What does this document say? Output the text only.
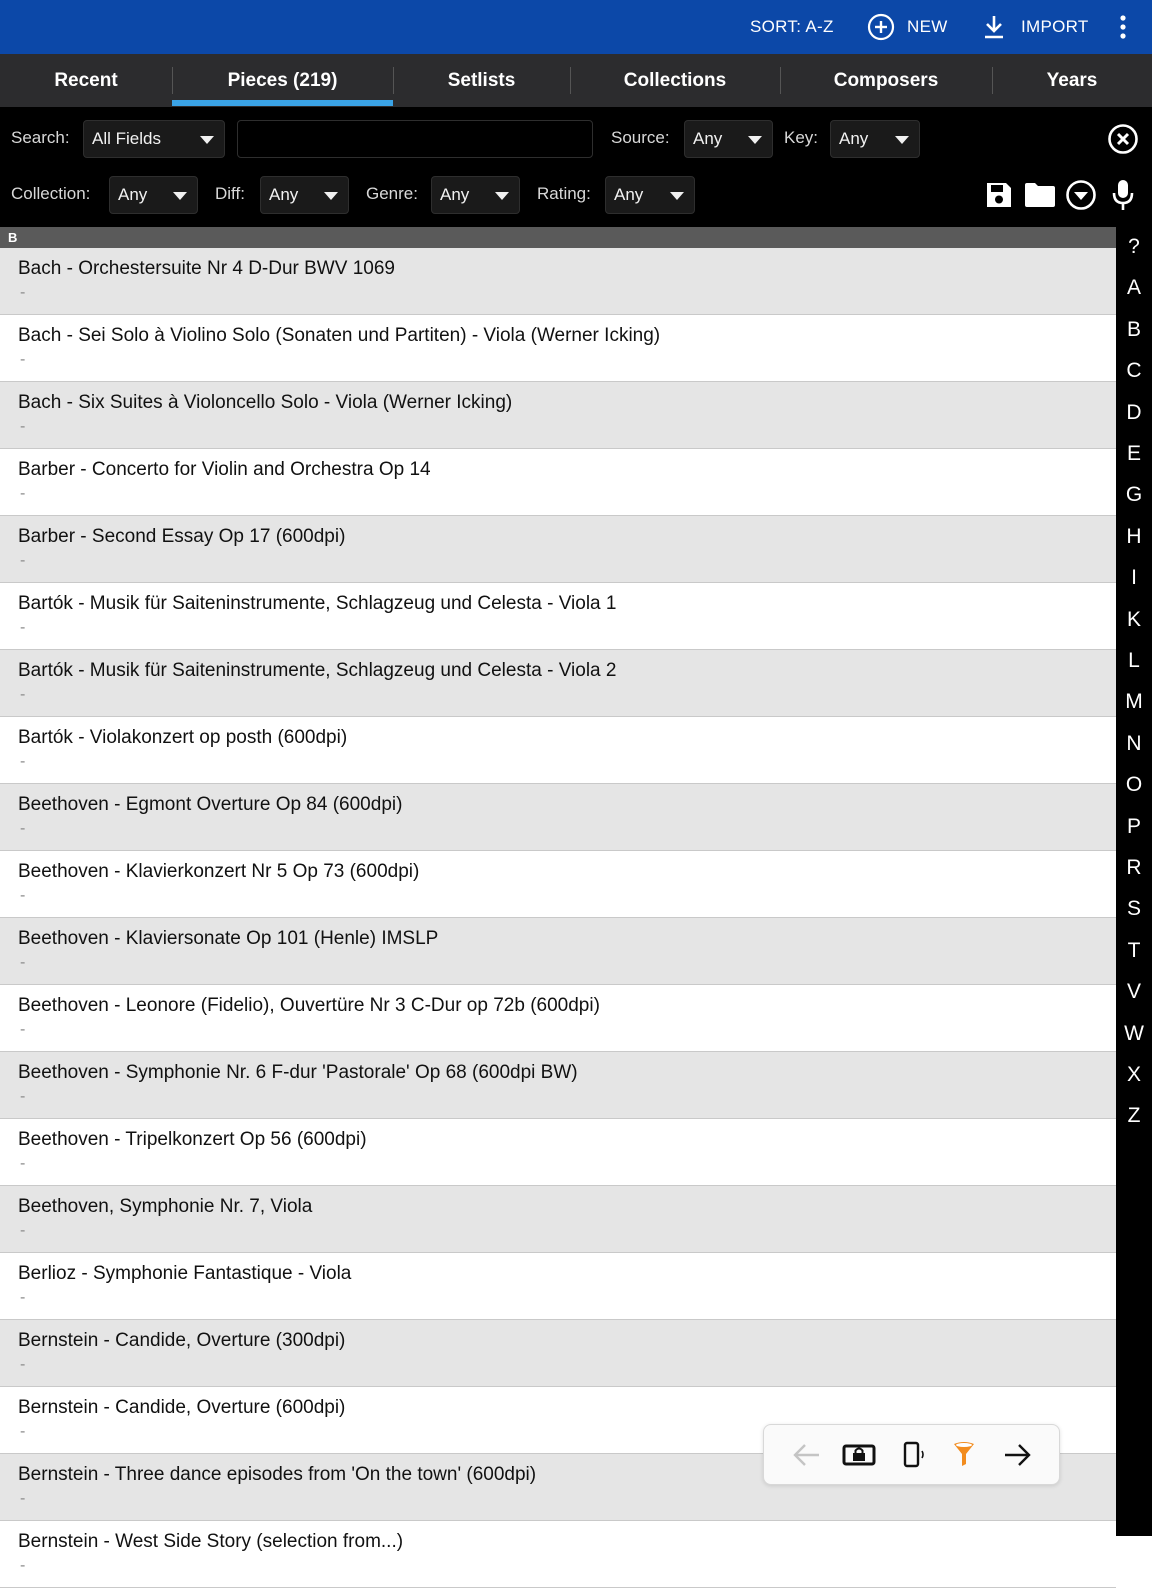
SORT: A-Z	NEW	IMPORT
Recent	Pieces (219)	Setlists	Collections	Composers	Years
Search: All Fields	Source: Any	Key: Any
Collection: Any	Diff: Any	Genre: Any	Rating: Any
B
Bach - Orchestersuite Nr 4 D-Dur BWV 1069
-
Bach - Sei Solo à Violino Solo (Sonaten und Partiten) - Viola (Werner Icking)
-
Bach - Six Suites à Violoncello Solo - Viola (Werner Icking)
-
Barber - Concerto for Violin and Orchestra Op 14
-
Barber - Second Essay Op 17 (600dpi)
-
Bartók - Musik für Saiteninstrumente, Schlagzeug und Celesta - Viola 1
-
Bartók - Musik für Saiteninstrumente, Schlagzeug und Celesta - Viola 2
-
Bartók - Violakonzert op posth (600dpi)
-
Beethoven - Egmont Overture Op 84 (600dpi)
-
Beethoven - Klavierkonzert Nr 5 Op 73 (600dpi)
-
Beethoven - Klaviersonate Op 101 (Henle) IMSLP
-
Beethoven - Leonore (Fidelio), Ouvertüre Nr 3 C-Dur op 72b (600dpi)
-
Beethoven - Symphonie Nr. 6 F-dur 'Pastorale' Op 68 (600dpi BW)
-
Beethoven - Tripelkonzert Op 56 (600dpi)
-
Beethoven, Symphonie Nr. 7, Viola
-
Berlioz - Symphonie Fantastique - Viola
-
Bernstein - Candide, Overture (300dpi)
-
Bernstein - Candide, Overture (600dpi)
-
Bernstein - Three dance episodes from 'On the town' (600dpi)
-
Bernstein - West Side Story (selection from...)
-
?
A
B
C
D
E
G
H
I
K
L
M
N
O
P
R
S
T
V
W
X
Z
